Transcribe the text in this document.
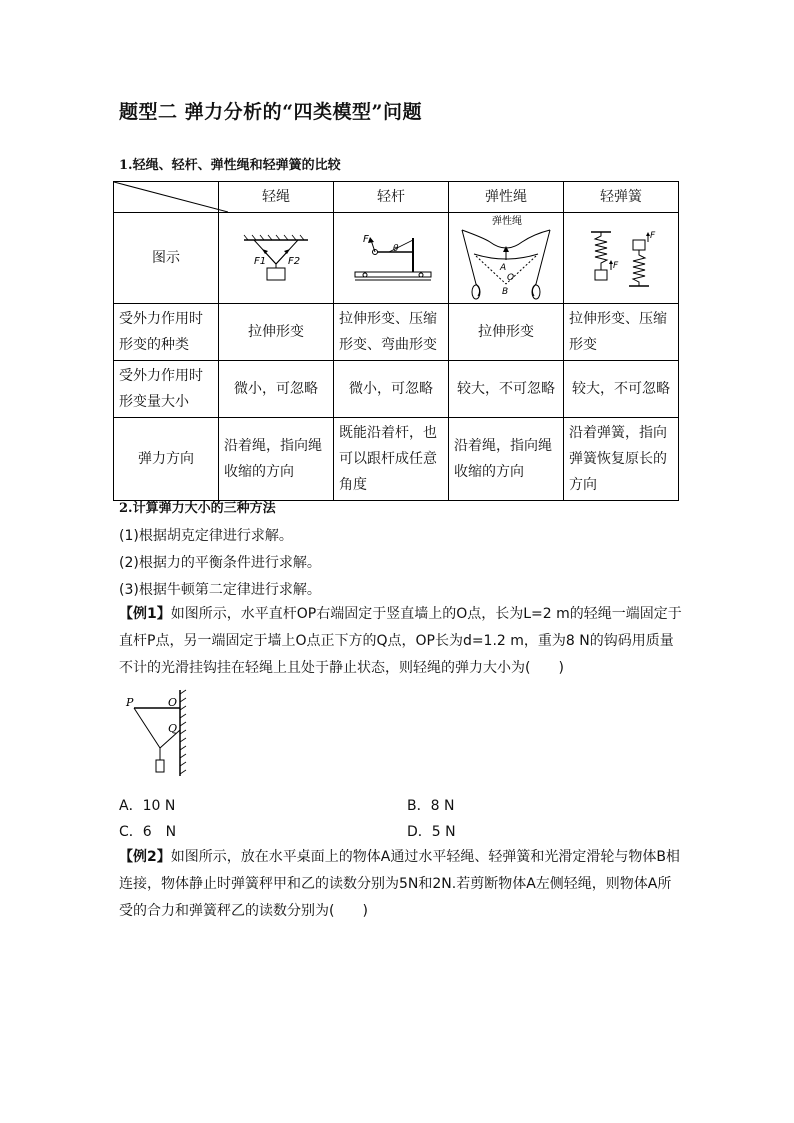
题型二 弹力分析的“四类模型”问题
1.轻绳、轻杆、弹性绳和轻弹簧的比较
	轻绳	轻杆	弹性绳	轻弹簧
图示	F1 F2	F
θ	弹性绳
A
O
B	F
F

受外力作用时形变的种类	拉伸形变	拉伸形变、压缩形变、弯曲形变	拉伸形变	拉伸形变、压缩形变
受外力作用时形变量大小	微小，可忽略	微小，可忽略	较大，不可忽略	较大，不可忽略
弹力方向	沿着绳，指向绳收缩的方向	既能沿着杆，也可以跟杆成任意角度	沿着绳，指向绳收缩的方向	沿着弹簧，指向弹簧恢复原长的方向
2.计算弹力大小的三种方法
(1)根据胡克定律进行求解。
(2)根据力的平衡条件进行求解。
(3)根据牛顿第二定律进行求解。
【例1】如图所示，水平直杆OP右端固定于竖直墙上的O点，长为L=2 m的轻绳一端固定于直杆P点，另一端固定于墙上O点正下方的Q点，OP长为d=1.2 m，重为8 N的钩码用质量不计的光滑挂钩挂在轻绳上且处于静止状态，则轻绳的弹力大小为(　　)
P	O
Q
A．10 N	B．8 N
C．6　N	D．5 N
【例2】如图所示，放在水平桌面上的物体A通过水平轻绳、轻弹簧和光滑定滑轮与物体B相连接，物体静止时弹簧秤甲和乙的读数分别为5N和2N.若剪断物体A左侧轻绳，则物体A所受的合力和弹簧秤乙的读数分别为(　　)
